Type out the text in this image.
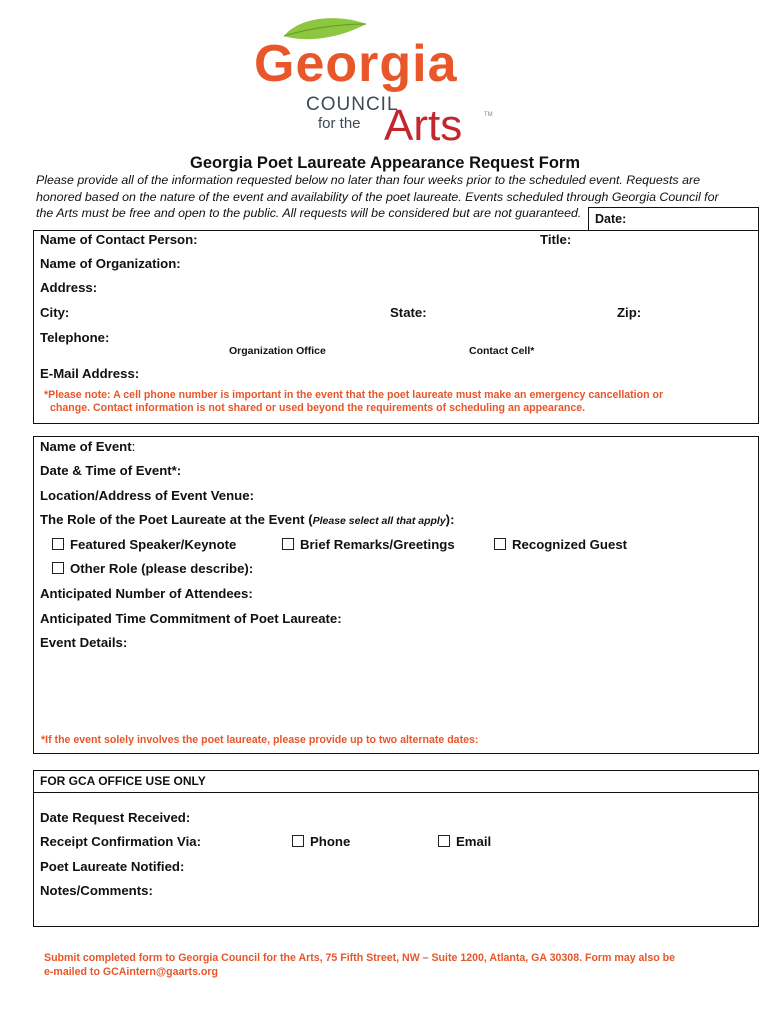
Georgia
COUNCIL
for the Arts	TM
Georgia Poet Laureate Appearance Request Form
Please provide all of the information requested below no later than four weeks prior to the scheduled event. Requests are
honored based on the nature of the event and availability of the poet laureate. Events scheduled through Georgia Council for
the Arts must be free and open to the public. All requests will be considered but are not guaranteed.	Date:
Name of Contact Person:	Title:
Name of Organization:
Address:
City:	State:	Zip:
Telephone:
Organization Office	Contact Cell*
E-Mail Address:
*Please note: A cell phone number is important in the event that the poet laureate must make an emergency cancellation or
change. Contact information is not shared or used beyond the requirements of scheduling an appearance.
Name of Event:
Date & Time of Event*:
Location/Address of Event Venue:
The Role of the Poet Laureate at the Event (Please select all that apply):
Featured Speaker/Keynote	Brief Remarks/Greetings	Recognized Guest
Other Role (please describe):
Anticipated Number of Attendees:
Anticipated Time Commitment of Poet Laureate:
Event Details:
*If the event solely involves the poet laureate, please provide up to two alternate dates:
FOR GCA OFFICE USE ONLY
Date Request Received:
Receipt Confirmation Via:	Phone	Email
Poet Laureate Notified:
Notes/Comments:
Submit completed form to Georgia Council for the Arts, 75 Fifth Street, NW – Suite 1200, Atlanta, GA 30308. Form may also be
e-mailed to GCAintern@gaarts.org
